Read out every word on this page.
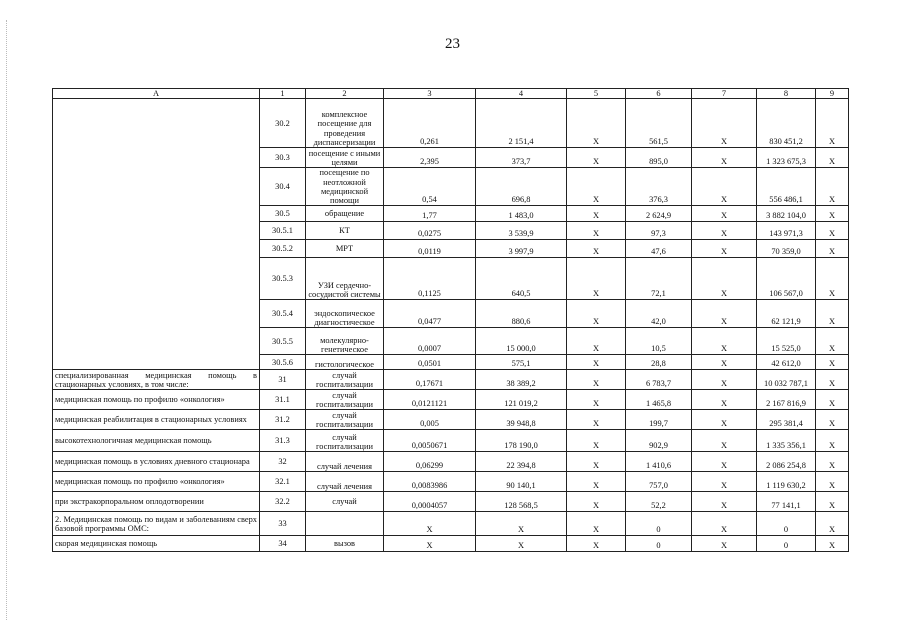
23
А	1	2	3	4	5	6	7	8	9
	30.2	комплексное посещение для проведения диспансеризации	0,261	2 151,4	Х	561,5	Х	830 451,2	Х
	30.3	посещение с иными целями	2,395	373,7	Х	895,0	Х	1 323 675,3	Х
	30.4	посещение по неотложной медицинской помощи	0,54	696,8	Х	376,3	Х	556 486,1	Х
	30.5	обращение	1,77	1 483,0	Х	2 624,9	Х	3 882 104,0	Х
	30.5.1	КТ	0,0275	3 539,9	Х	97,3	Х	143 971,3	Х
	30.5.2	МРТ	0,0119	3 997,9	Х	47,6	Х	70 359,0	Х
	30.5.3	УЗИ сердечно-сосудистой системы	0,1125	640,5	Х	72,1	Х	106 567,0	Х
	30.5.4	эндоскопическое диагностическое	0,0477	880,6	Х	42,0	Х	62 121,9	Х
	30.5.5	молекулярно-генетическое	0,0007	15 000,0	Х	10,5	Х	15 525,0	Х
	30.5.6	гистологическое	0,0501	575,1	Х	28,8	Х	42 612,0	Х
специализированная медицинская помощь в стационарных условиях, в том числе:	31	случай госпитализации	0,17671	38 389,2	Х	6 783,7	Х	10 032 787,1	Х
медицинская помощь по профилю «онкология»	31.1	случай госпитализации	0,0121121	121 019,2	Х	1 465,8	Х	2 167 816,9	Х
медицинская реабилитация в стационарных условиях	31.2	случай госпитализации	0,005	39 948,8	Х	199,7	Х	295 381,4	Х
высокотехнологичная медицинская помощь	31.3	случай госпитализации	0,0050671	178 190,0	Х	902,9	Х	1 335 356,1	Х
медицинская помощь в условиях дневного стационара	32	случай лечения	0,06299	22 394,8	Х	1 410,6	Х	2 086 254,8	Х
медицинская помощь по профилю «онкология»	32.1	случай лечения	0,0083986	90 140,1	Х	757,0	Х	1 119 630,2	Х
при экстракорпоральном оплодотворении	32.2	случай	0,0004057	128 568,5	Х	52,2	Х	77 141,1	Х
2. Медицинская помощь по видам и заболеваниям сверх базовой программы ОМС:	33		Х	Х	Х	0	Х	0	Х
скорая медицинская помощь	34	вызов	Х	Х	Х	0	Х	0	Х
